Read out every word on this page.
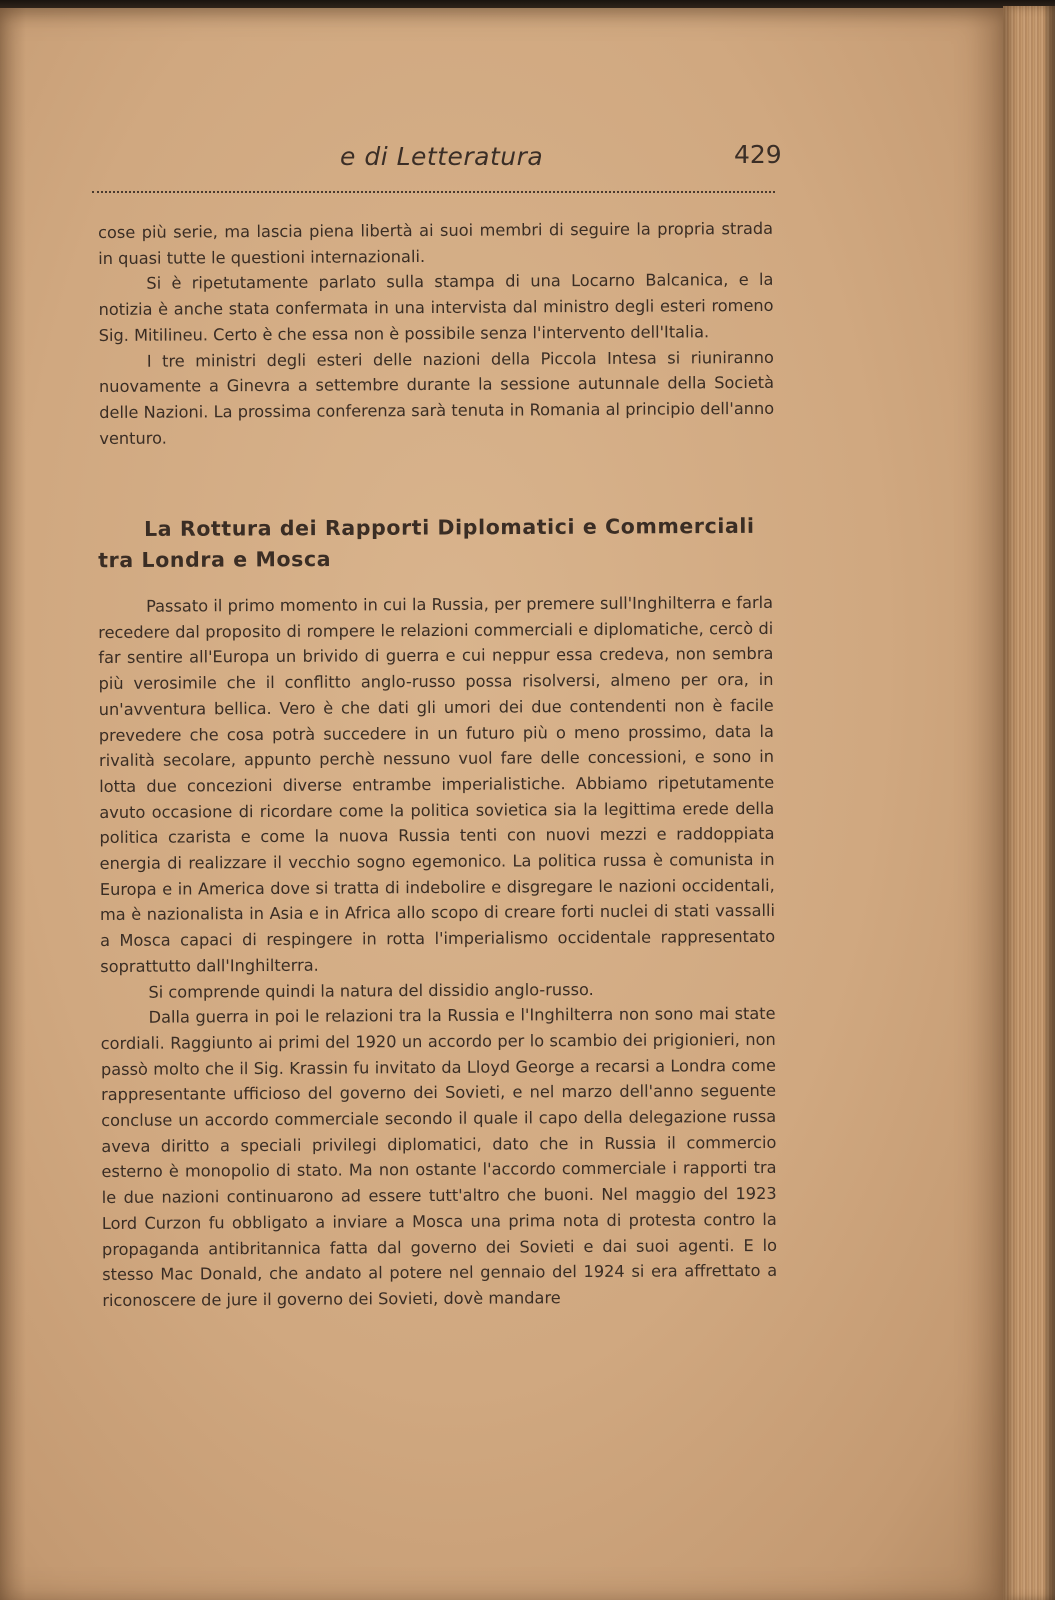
e di Letteratura	429

cose più serie, ma lascia piena libertà ai suoi membri di seguire la propria strada in quasi tutte le questioni internazionali.

Si è ripetutamente parlato sulla stampa di una Locarno Balcanica, e la notizia è anche stata confermata in una intervista dal ministro degli esteri romeno Sig. Mitilineu. Certo è che essa non è possibile senza l'intervento dell'Italia.

I tre ministri degli esteri delle nazioni della Piccola Intesa si riuniranno nuovamente a Ginevra a settembre durante la sessione autunnale della Società delle Nazioni. La prossima conferenza sarà tenuta in Romania al principio dell'anno venturo.

La Rottura dei Rapporti Diplomatici e Commerciali
tra Londra e Mosca

Passato il primo momento in cui la Russia, per premere sull'Inghilterra e farla recedere dal proposito di rompere le relazioni commerciali e diplomatiche, cercò di far sentire all'Europa un brivido di guerra e cui neppur essa credeva, non sembra più verosimile che il conflitto anglo-russo possa risolversi, almeno per ora, in un'avventura bellica. Vero è che dati gli umori dei due contendenti non è facile prevedere che cosa potrà succedere in un futuro più o meno prossimo, data la rivalità secolare, appunto perchè nessuno vuol fare delle concessioni, e sono in lotta due concezioni diverse entrambe imperialistiche. Abbiamo ripetutamente avuto occasione di ricordare come la politica sovietica sia la legittima erede della politica czarista e come la nuova Russia tenti con nuovi mezzi e raddoppiata energia di realizzare il vecchio sogno egemonico. La politica russa è comunista in Europa e in America dove si tratta di indebolire e disgregare le nazioni occidentali, ma è nazionalista in Asia e in Africa allo scopo di creare forti nuclei di stati vassalli a Mosca capaci di respingere in rotta l'imperialismo occidentale rappresentato soprattutto dall'Inghilterra.

Si comprende quindi la natura del dissidio anglo-russo.

Dalla guerra in poi le relazioni tra la Russia e l'Inghilterra non sono mai state cordiali. Raggiunto ai primi del 1920 un accordo per lo scambio dei prigionieri, non passò molto che il Sig. Krassin fu invitato da Lloyd George a recarsi a Londra come rappresentante ufficioso del governo dei Sovieti, e nel marzo dell'anno seguente concluse un accordo commerciale secondo il quale il capo della delegazione russa aveva diritto a speciali privilegi diplomatici, dato che in Russia il commercio esterno è monopolio di stato. Ma non ostante l'accordo commerciale i rapporti tra le due nazioni continuarono ad essere tutt'altro che buoni. Nel maggio del 1923 Lord Curzon fu obbligato a inviare a Mosca una prima nota di protesta contro la propaganda antibritannica fatta dal governo dei Sovieti e dai suoi agenti. E lo stesso Mac Donald, che andato al potere nel gennaio del 1924 si era affrettato a riconoscere de jure il governo dei Sovieti, dovè mandare
